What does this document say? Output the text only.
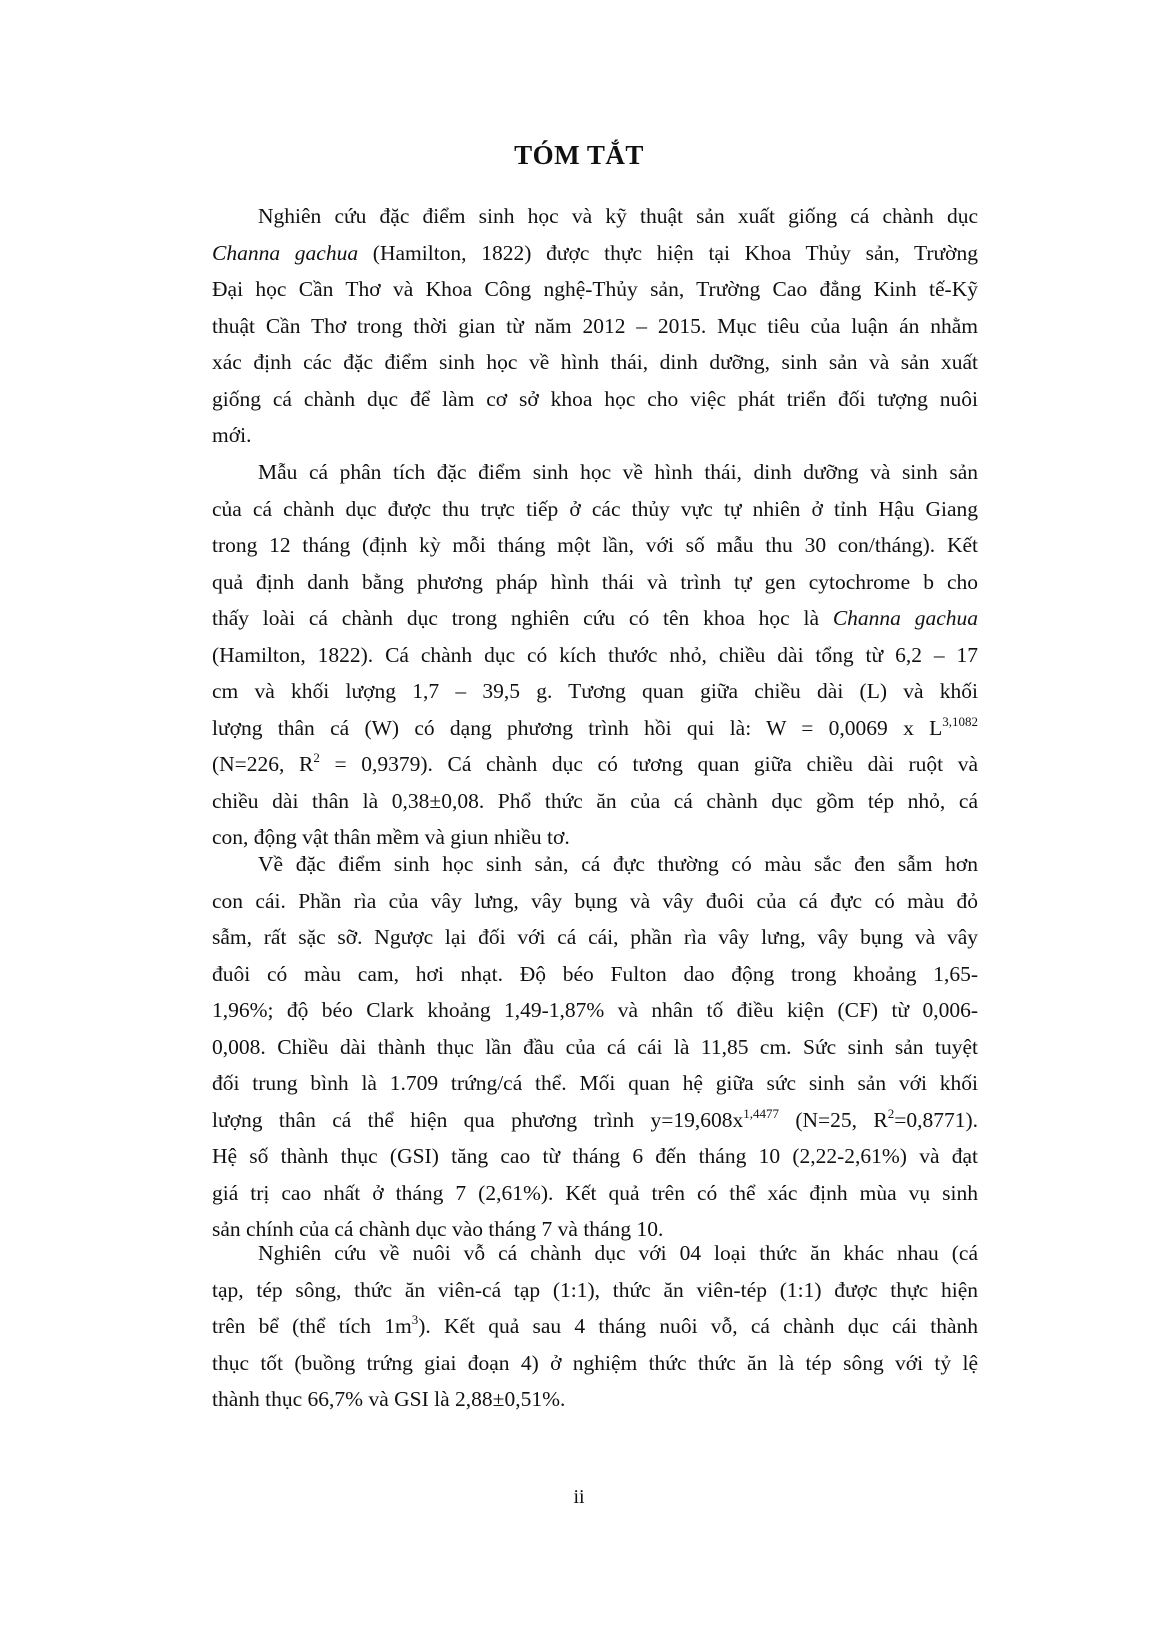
TÓM TẮT
Nghiên cứu đặc điểm sinh học và kỹ thuật sản xuất giống cá chành dục
Channa gachua (Hamilton, 1822) được thực hiện tại Khoa Thủy sản, Trường
Đại học Cần Thơ và Khoa Công nghệ-Thủy sản, Trường Cao đẳng Kinh tế-Kỹ
thuật Cần Thơ trong thời gian từ năm 2012 – 2015. Mục tiêu của luận án nhằm
xác định các đặc điểm sinh học về hình thái, dinh dưỡng, sinh sản và sản xuất
giống cá chành dục để làm cơ sở khoa học cho việc phát triển đối tượng nuôi
mới.
Mẫu cá phân tích đặc điểm sinh học về hình thái, dinh dưỡng và sinh sản
của cá chành dục được thu trực tiếp ở các thủy vực tự nhiên ở tỉnh Hậu Giang
trong 12 tháng (định kỳ mỗi tháng một lần, với số mẫu thu 30 con/tháng). Kết
quả định danh bằng phương pháp hình thái và trình tự gen cytochrome b cho
thấy loài cá chành dục trong nghiên cứu có tên khoa học là Channa gachua
(Hamilton, 1822). Cá chành dục có kích thước nhỏ, chiều dài tổng từ 6,2 – 17
cm và khối lượng 1,7 – 39,5 g. Tương quan giữa chiều dài (L) và khối
lượng thân cá (W) có dạng phương trình hồi qui là: W = 0,0069 x $L^{3,1082}$
(N=226, $R^2 = 0,9379$). Cá chành dục có tương quan giữa chiều dài ruột và
chiều dài thân là 0,38±0,08. Phổ thức ăn của cá chành dục gồm tép nhỏ, cá
con, động vật thân mềm và giun nhiều tơ.
Về đặc điểm sinh học sinh sản, cá đực thường có màu sắc đen sẫm hơn
con cái. Phần rìa của vây lưng, vây bụng và vây đuôi của cá đực có màu đỏ
sẫm, rất sặc sỡ. Ngược lại đối với cá cái, phần rìa vây lưng, vây bụng và vây
đuôi có màu cam, hơi nhạt. Độ béo Fulton dao động trong khoảng 1,65-
1,96%; độ béo Clark khoảng 1,49-1,87% và nhân tố điều kiện (CF) từ 0,006-
0,008. Chiều dài thành thục lần đầu của cá cái là 11,85 cm. Sức sinh sản tuyệt
đối trung bình là 1.709 trứng/cá thể. Mối quan hệ giữa sức sinh sản với khối
lượng thân cá thể hiện qua phương trình $y=19,608x^{1,4477}$ (N=25, $R^2=0,8771$).
Hệ số thành thục (GSI) tăng cao từ tháng 6 đến tháng 10 (2,22-2,61%) và đạt
giá trị cao nhất ở tháng 7 (2,61%). Kết quả trên có thể xác định mùa vụ sinh
sản chính của cá chành dục vào tháng 7 và tháng 10.
Nghiên cứu về nuôi vỗ cá chành dục với 04 loại thức ăn khác nhau (cá
tạp, tép sông, thức ăn viên-cá tạp (1:1), thức ăn viên-tép (1:1) được thực hiện
trên bể (thể tích $1m^3$). Kết quả sau 4 tháng nuôi vỗ, cá chành dục cái thành
thục tốt (buồng trứng giai đoạn 4) ở nghiệm thức thức ăn là tép sông với tỷ lệ
thành thục 66,7% và GSI là 2,88±0,51%.
ii
